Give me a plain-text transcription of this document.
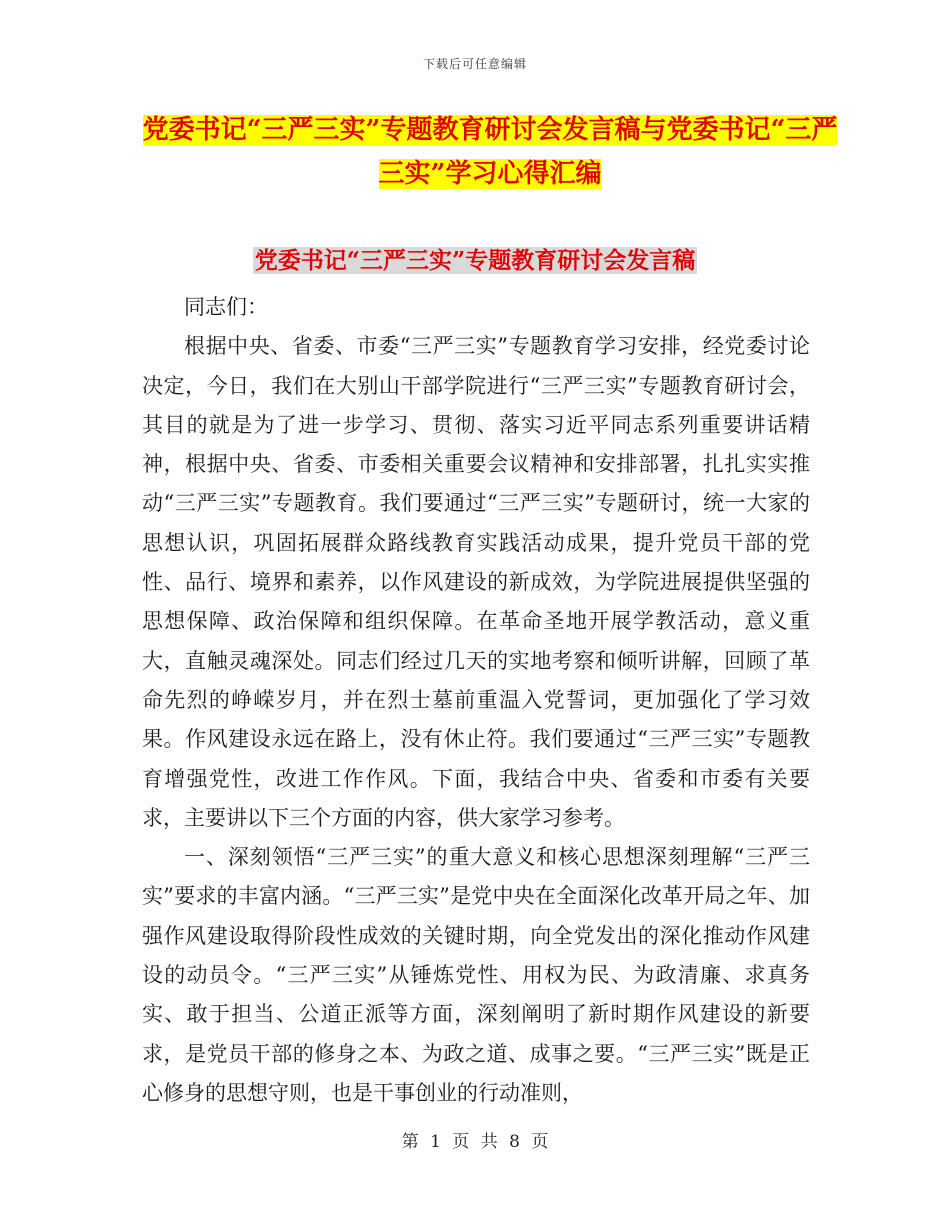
下载后可任意编辑
党委书记“三严三实”专题教育研讨会发言稿与党委书记“三严三实”学习心得汇编
党委书记“三严三实”专题教育研讨会发言稿

同志们：

根据中央、省委、市委“三严三实”专题教育学习安排，经党委讨论决定，今日，我们在大别山干部学院进行“三严三实”专题教育研讨会，其目的就是为了进一步学习、贯彻、落实习近平同志系列重要讲话精神，根据中央、省委、市委相关重要会议精神和安排部署，扎扎实实推动“三严三实”专题教育。我们要通过“三严三实”专题研讨，统一大家的思想认识，巩固拓展群众路线教育实践活动成果，提升党员干部的党性、品行、境界和素养，以作风建设的新成效，为学院进展提供坚强的思想保障、政治保障和组织保障。在革命圣地开展学教活动，意义重大，直触灵魂深处。同志们经过几天的实地考察和倾听讲解，回顾了革命先烈的峥嵘岁月，并在烈士墓前重温入党誓词，更加强化了学习效果。作风建设永远在路上，没有休止符。我们要通过“三严三实”专题教育增强党性，改进工作作风。下面，我结合中央、省委和市委有关要求，主要讲以下三个方面的内容，供大家学习参考。

一、深刻领悟“三严三实”的重大意义和核心思想深刻理解“三严三实”要求的丰富内涵。“三严三实”是党中央在全面深化改革开局之年、加强作风建设取得阶段性成效的关键时期，向全党发出的深化推动作风建设的动员令。“三严三实”从锤炼党性、用权为民、为政清廉、求真务实、敢于担当、公道正派等方面，深刻阐明了新时期作风建设的新要求，是党员干部的修身之本、为政之道、成事之要。“三严三实”既是正心修身的思想守则，也是干事创业的行动准则，

第 1 页 共 8 页
